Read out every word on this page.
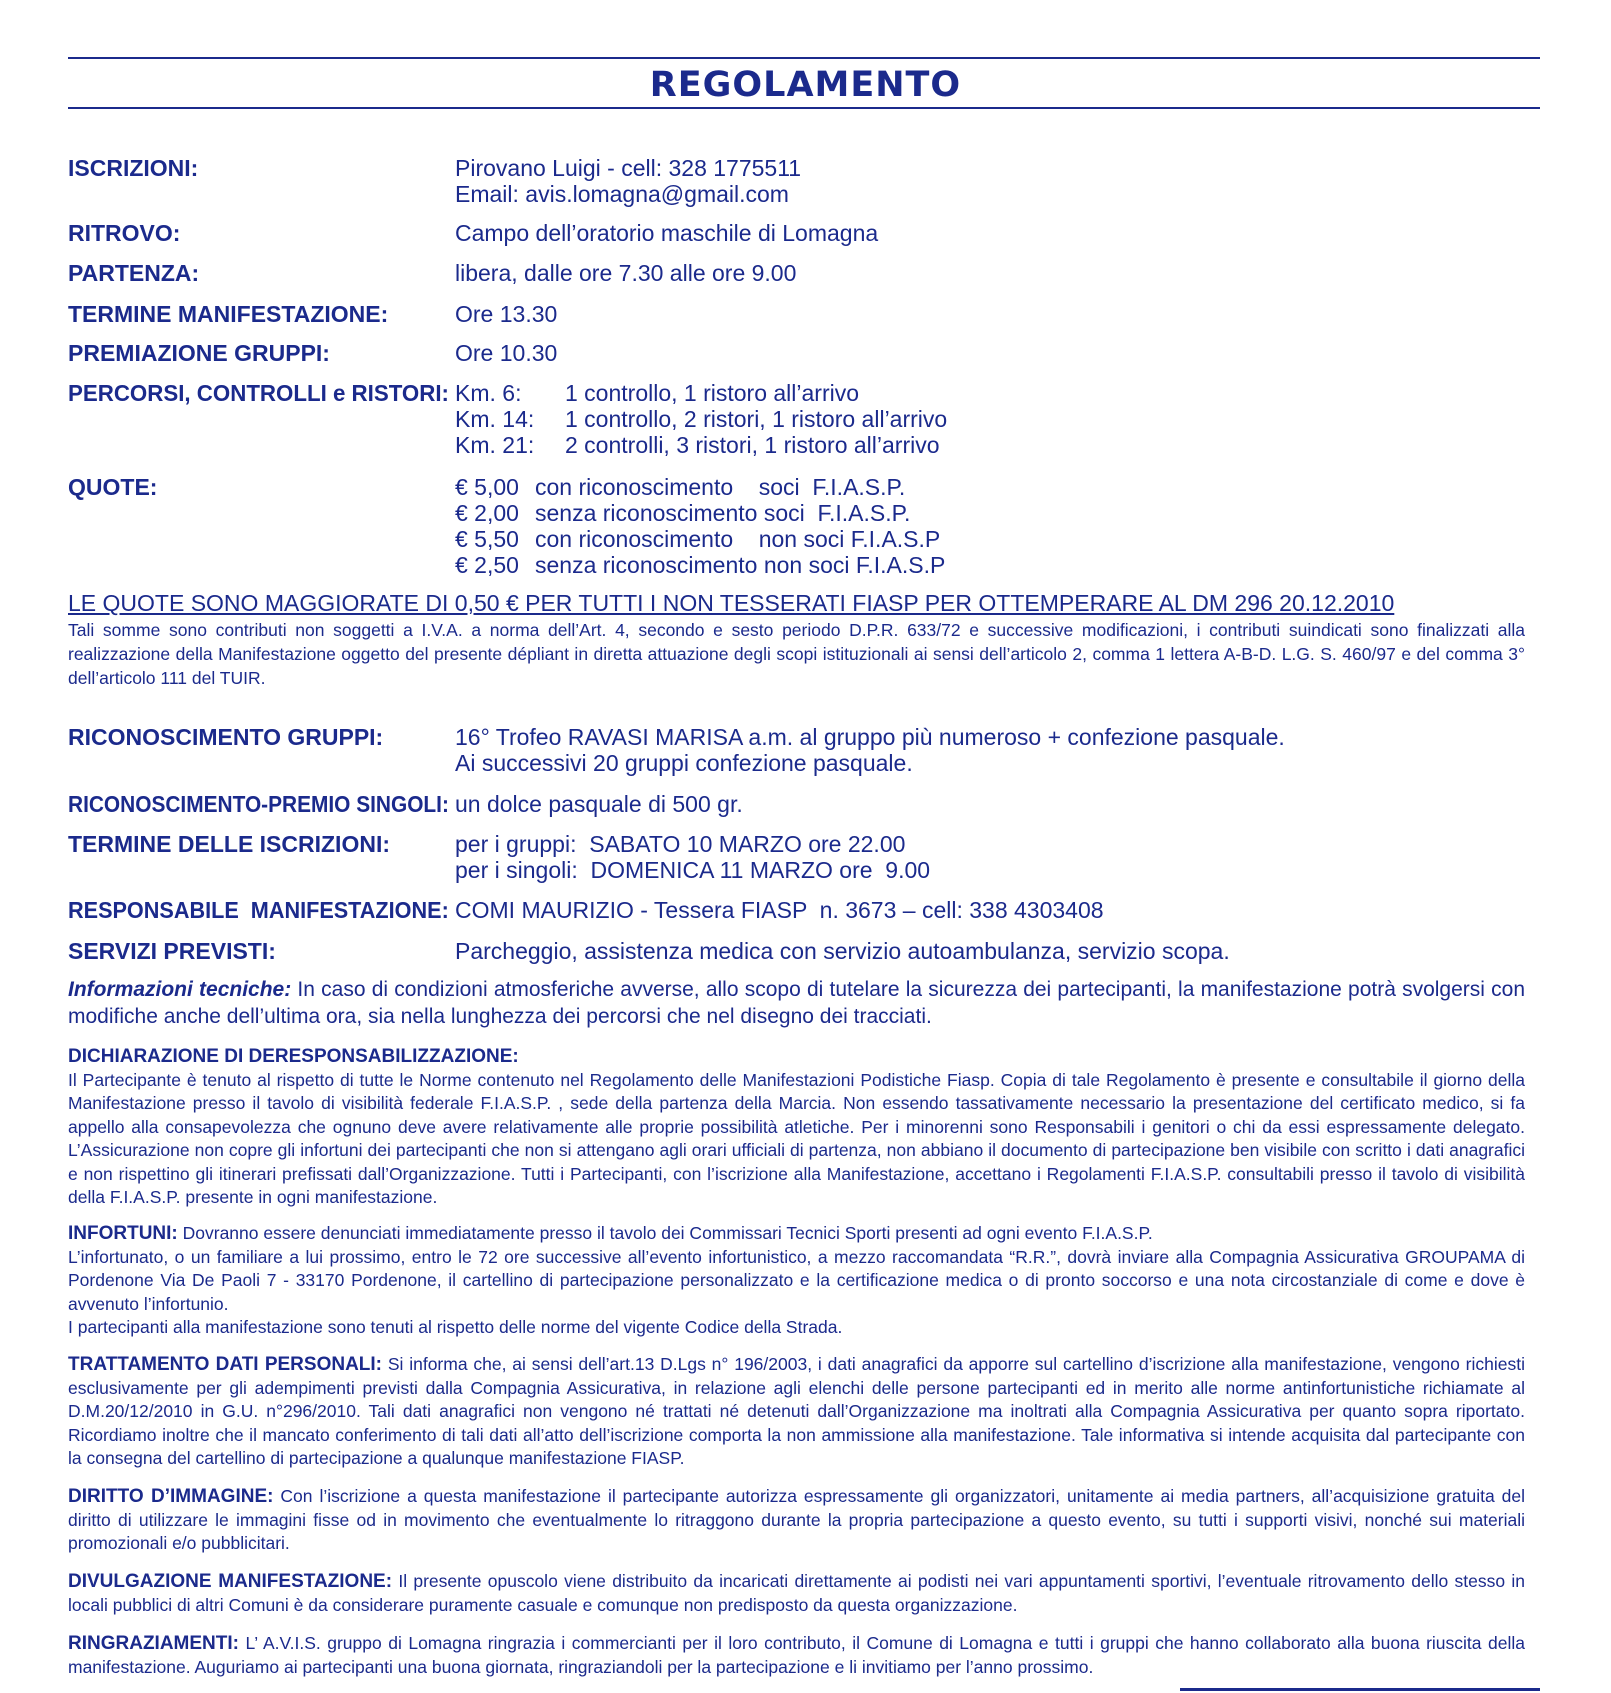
REGOLAMENTO
ISCRIZIONI:	Pirovano Luigi - cell: 328 1775511
Email: avis.lomagna@gmail.com
RITROVO:	Campo dell’oratorio maschile di Lomagna
PARTENZA:	libera, dalle ore 7.30 alle ore 9.00
TERMINE MANIFESTAZIONE:	Ore 13.30
PREMIAZIONE GRUPPI:	Ore 10.30
PERCORSI, CONTROLLI e RISTORI: Km. 6: 1 controllo, 1 ristoro all’arrivo
Km. 14: 1 controllo, 2 ristori, 1 ristoro all’arrivo
Km. 21: 2 controlli, 3 ristori, 1 ristoro all’arrivo
QUOTE:	€ 5,00 con riconoscimento    soci  F.I.A.S.P.
€ 2,00 senza riconoscimento soci  F.I.A.S.P.
€ 5,50 con riconoscimento    non soci F.I.A.S.P
€ 2,50 senza riconoscimento non soci F.I.A.S.P
LE QUOTE SONO MAGGIORATE DI 0,50 € PER TUTTI I NON TESSERATI FIASP PER OTTEMPERARE AL DM 296 20.12.2010
Tali somme sono contributi non soggetti a I.V.A. a norma dell’Art. 4, secondo e sesto periodo D.P.R. 633/72 e successive modificazioni, i contributi suindicati sono finalizzati alla realizzazione della Manifestazione oggetto del presente dépliant in diretta attuazione degli scopi istituzionali ai sensi dell’articolo 2, comma 1 lettera A-B-D. L.G. S. 460/97 e del comma 3° dell’articolo 111 del TUIR.
RICONOSCIMENTO GRUPPI:	16° Trofeo RAVASI MARISA a.m. al gruppo più numeroso + confezione pasquale.
Ai successivi 20 gruppi confezione pasquale.
RICONOSCIMENTO-PREMIO SINGOLI: un dolce pasquale di 500 gr.
TERMINE DELLE ISCRIZIONI:	per i gruppi:  SABATO 10 MARZO ore 22.00
per i singoli:  DOMENICA 11 MARZO ore  9.00
RESPONSABILE  MANIFESTAZIONE: COMI MAURIZIO - Tessera FIASP  n. 3673 – cell: 338 4303408
SERVIZI PREVISTI:	Parcheggio, assistenza medica con servizio autoambulanza, servizio scopa.
Informazioni tecniche: In caso di condizioni atmosferiche avverse, allo scopo di tutelare la sicurezza dei partecipanti, la manifestazione potrà svolgersi con modifiche anche dell’ultima ora, sia nella lunghezza dei percorsi che nel disegno dei tracciati.
DICHIARAZIONE DI DERESPONSABILIZZAZIONE:
Il Partecipante è tenuto al rispetto di tutte le Norme contenuto nel Regolamento delle Manifestazioni Podistiche Fiasp. Copia di tale Regolamento è presente e consultabile il giorno della Manifestazione presso il tavolo di visibilità federale F.I.A.S.P. , sede della partenza della Marcia. Non essendo tassativamente necessario la presentazione del certificato medico, si fa appello alla consapevolezza che ognuno deve avere relativamente alle proprie possibilità atletiche. Per i minorenni sono Responsabili i genitori o chi da essi espressamente delegato. L’Assicurazione non copre gli infortuni dei partecipanti che non si attengano agli orari ufficiali di partenza, non abbiano il documento di partecipazione ben visibile con scritto i dati anagrafici e non rispettino gli itinerari prefissati dall’Organizzazione. Tutti i Partecipanti, con l’iscrizione alla Manifestazione, accettano i Regolamenti F.I.A.S.P. consultabili presso il tavolo di visibilità della F.I.A.S.P. presente in ogni manifestazione.
INFORTUNI: Dovranno essere denunciati immediatamente presso il tavolo dei Commissari Tecnici Sporti presenti ad ogni evento F.I.A.S.P.
L’infortunato, o un familiare a lui prossimo, entro le 72 ore successive all’evento infortunistico, a mezzo raccomandata “R.R.”, dovrà inviare alla Compagnia Assicurativa GROUPAMA di Pordenone Via De Paoli 7 - 33170 Pordenone, il cartellino di partecipazione personalizzato e la certificazione medica o di pronto soccorso e una nota circostanziale di come e dove è avvenuto l’infortunio.
I partecipanti alla manifestazione sono tenuti al rispetto delle norme del vigente Codice della Strada.
TRATTAMENTO DATI PERSONALI: Si informa che, ai sensi dell’art.13 D.Lgs n° 196/2003, i dati anagrafici da apporre sul cartellino d’iscrizione alla manifestazione, vengono richiesti esclusivamente per gli adempimenti previsti dalla Compagnia Assicurativa, in relazione agli elenchi delle persone partecipanti ed in merito alle norme antinfortunistiche richiamate al D.M.20/12/2010 in G.U. n°296/2010. Tali dati anagrafici non vengono né trattati né detenuti dall’Organizzazione ma inoltrati alla Compagnia Assicurativa per quanto sopra riportato. Ricordiamo inoltre che il mancato conferimento di tali dati all’atto dell’iscrizione comporta la non ammissione alla manifestazione. Tale informativa si intende acquisita dal partecipante con la consegna del cartellino di partecipazione a qualunque manifestazione FIASP.
DIRITTO D’IMMAGINE: Con l’iscrizione a questa manifestazione il partecipante autorizza espressamente gli organizzatori, unitamente ai media partners, all’acquisizione gratuita del diritto di utilizzare le immagini fisse od in movimento che eventualmente lo ritraggono durante la propria partecipazione a questo evento, su tutti i supporti visivi, nonché sui materiali promozionali e/o pubblicitari.
DIVULGAZIONE MANIFESTAZIONE: Il presente opuscolo viene distribuito da incaricati direttamente ai podisti nei vari appuntamenti sportivi, l’eventuale ritrovamento dello stesso in locali pubblici di altri Comuni è da considerare puramente casuale e comunque non predisposto da questa organizzazione.
RINGRAZIAMENTI: L’ A.V.I.S. gruppo di Lomagna ringrazia i commercianti per il loro contributo, il Comune di Lomagna e tutti i gruppi che hanno collaborato alla buona riuscita della manifestazione. Auguriamo ai partecipanti una buona giornata, ringraziandoli per la partecipazione e li invitiamo per l’anno prossimo.
